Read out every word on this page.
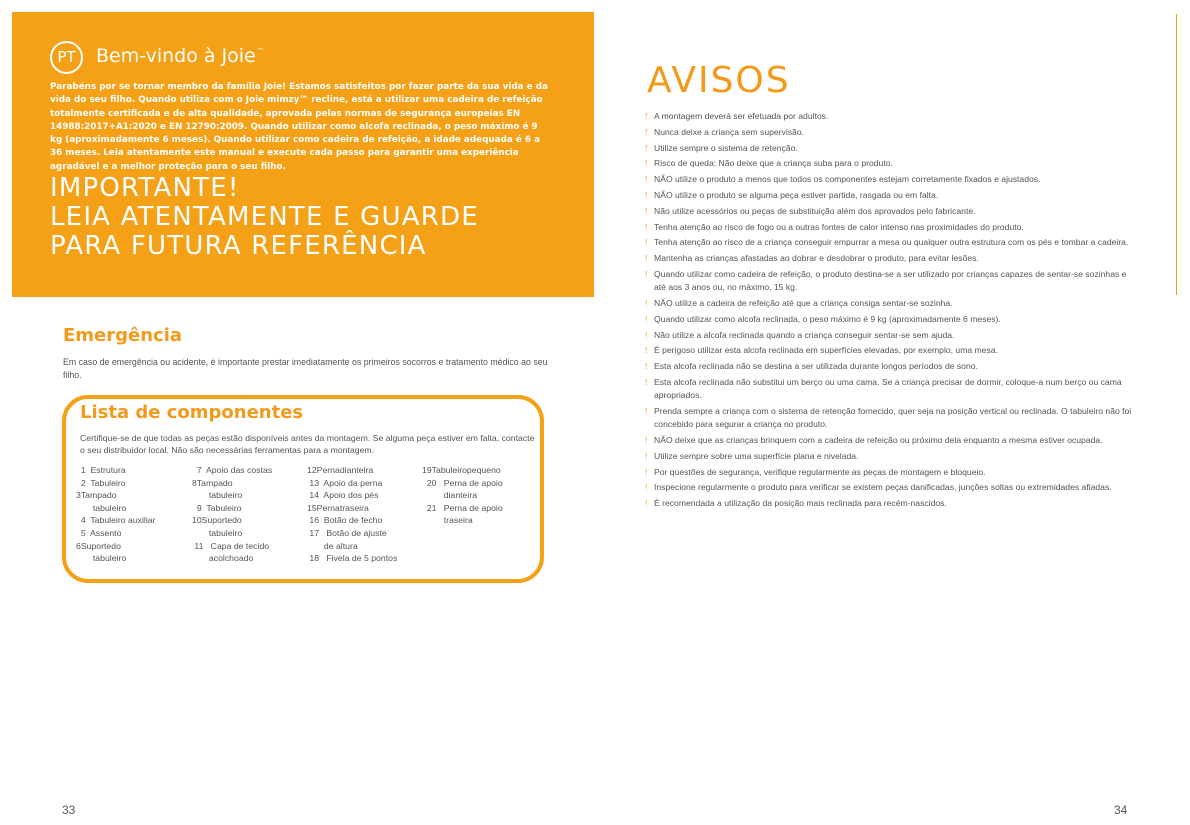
PT	Bem-vindo à Joie™
Parabéns por se tornar membro da família Joie! Estamos satisfeitos por fazer parte da sua vida e da vida do seu filho. Quando utiliza com o Joie mimzy™ recline, está a utilizar uma cadeira de refeição totalmente certificada e de alta qualidade, aprovada pelas normas de segurança europeias EN 14988:2017+A1:2020 e EN 12790:2009. Quando utilizar como alcofa reclinada, o peso máximo é 9 kg (aproximadamente 6 meses). Quando utilizar como cadeira de refeição, a idade adequada é 6 a 36 meses. Leia atentamente este manual e execute cada passo para garantir uma experiência agradável e a melhor proteção para o seu filho.
IMPORTANTE!
LEIA ATENTAMENTE E GUARDE
PARA FUTURA REFERÊNCIA
Emergência
Em caso de emergência ou acidente, é importante prestar imediatamente os primeiros socorros e tratamento médico ao seu filho.
Lista de componentes
Certifique-se de que todas as peças estão disponíveis antes da montagem. Se alguma peça estiver em falta, contacte o seu distribuidor local. Não são necessárias ferramentas para a montagem.
1  Estrutura
2  Tabuleiro
3Tampado
tabuleiro
4  Tabuleiro auxiliar
5  Assento
6Suportedo
tabuleiro
7  Apoio das costas
8Tampado
tabuleiro
9  Tabuleiro
10Suportedo
tabuleiro
11   Capa de tecido
acolchoado
12Pernadianteira
13  Apoio da perna
14  Apoio dos pés
15Pernatraseira
16  Botão de fecho
17   Botão de ajuste
de altura
18   Fivela de 5 pontos
19Tabuleiropequeno
20   Perna de apoio
dianteira
21   Perna de apoio
traseira
33
AVISOS
! A montagem deverá ser efetuada por adultos.
! Nunca deixe a criança sem supervisão.
! Utilize sempre o sistema de retenção.
! Risco de queda: Não deixe que a criança suba para o produto.
! NÃO utilize o produto a menos que todos os componentes estejam corretamente fixados e ajustados.
! NÃO utilize o produto se alguma peça estiver partida, rasgada ou em falta.
! Não utilize acessórios ou peças de substituição além dos aprovados pelo fabricante.
! Tenha atenção ao risco de fogo ou a outras fontes de calor intenso nas proximidades do produto.
! Tenha atenção ao risco de a criança conseguir empurrar a mesa ou qualquer outra estrutura com os pés e tombar a cadeira.
! Mantenha as crianças afastadas ao dobrar e desdobrar o produto, para evitar lesões.
! Quando utilizar como cadeira de refeição, o produto destina-se a ser utilizado por crianças capazes de sentar-se sozinhas e até aos 3 anos ou, no máximo, 15 kg.
! NÃO utilize a cadeira de refeição até que a criança consiga sentar-se sozinha.
! Quando utilizar como alcofa reclinada, o peso máximo é 9 kg (aproximadamente 6 meses).
! Não utilize a alcofa reclinada quando a criança conseguir sentar-se sem ajuda.
! É perigoso utilizar esta alcofa reclinada em superfícies elevadas, por exemplo, uma mesa.
! Esta alcofa reclinada não se destina a ser utilizada durante longos períodos de sono.
! Esta alcofa reclinada não substitui um berço ou uma cama. Se a criança precisar de dormir, coloque-a num berço ou cama apropriados.
! Prenda sempre a criança com o sistema de retenção fornecido, quer seja na posição vertical ou reclinada. O tabuleiro não foi concebido para segurar a criança no produto.
! NÃO deixe que as crianças brinquem com a cadeira de refeição ou próximo dela enquanto a mesma estiver ocupada.
! Utilize sempre sobre uma superfície plana e nivelada.
! Por questões de segurança, verifique regularmente as peças de montagem e bloqueio.
! Inspecione regularmente o produto para verificar se existem peças danificadas, junções soltas ou extremidades afiadas.
! É recomendada a utilização da posição mais reclinada para recém-nascidos.
34
